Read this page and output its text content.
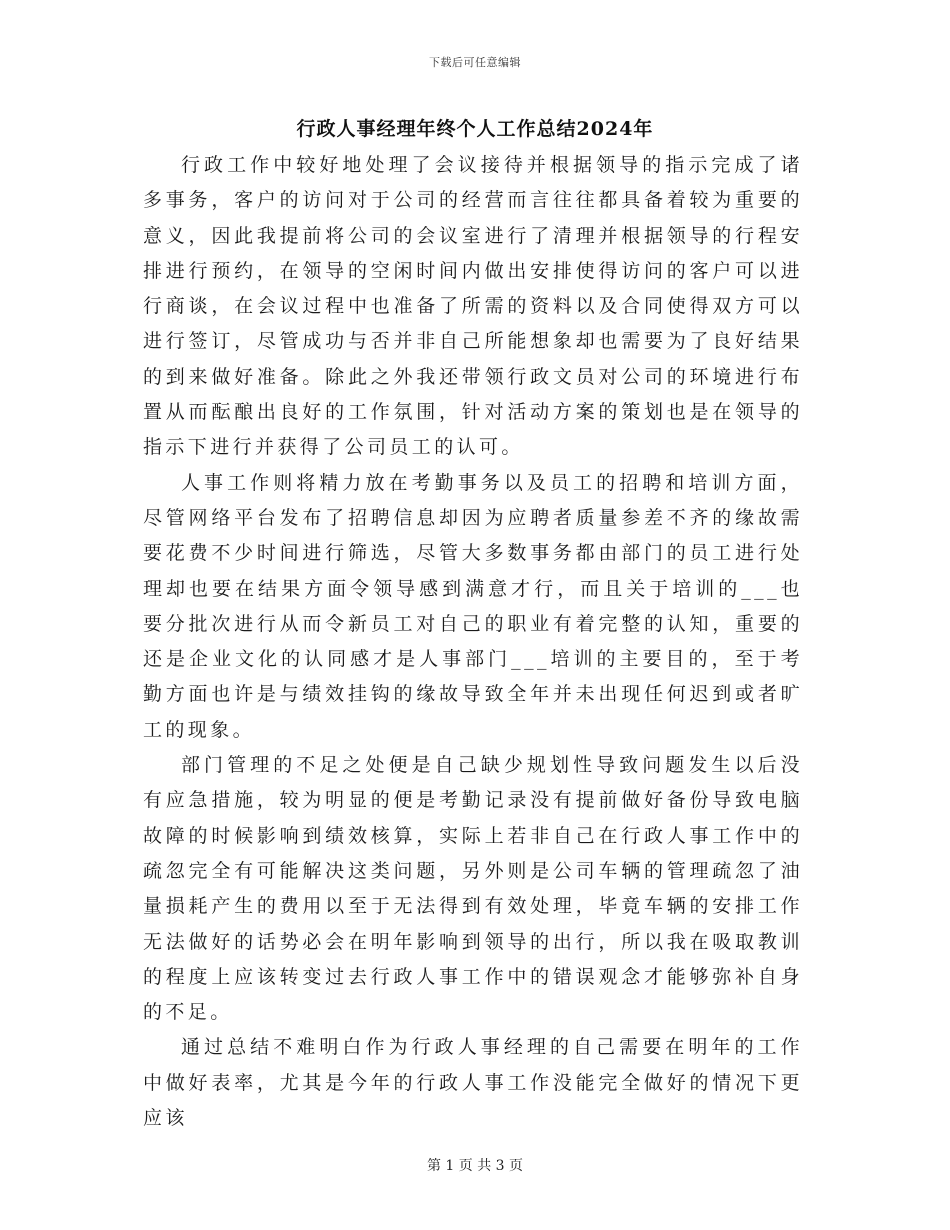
下载后可任意编辑
行政人事经理年终个人工作总结2024年

行政工作中较好地处理了会议接待并根据领导的指示完成了诸多事务，客户的访问对于公司的经营而言往往都具备着较为重要的意义，因此我提前将公司的会议室进行了清理并根据领导的行程安排进行预约，在领导的空闲时间内做出安排使得访问的客户可以进行商谈，在会议过程中也准备了所需的资料以及合同使得双方可以进行签订，尽管成功与否并非自己所能想象却也需要为了良好结果的到来做好准备。除此之外我还带领行政文员对公司的环境进行布置从而酝酿出良好的工作氛围，针对活动方案的策划也是在领导的指示下进行并获得了公司员工的认可。

人事工作则将精力放在考勤事务以及员工的招聘和培训方面，尽管网络平台发布了招聘信息却因为应聘者质量参差不齐的缘故需要花费不少时间进行筛选，尽管大多数事务都由部门的员工进行处理却也要在结果方面令领导感到满意才行，而且关于培训的___也要分批次进行从而令新员工对自己的职业有着完整的认知，重要的还是企业文化的认同感才是人事部门___培训的主要目的，至于考勤方面也许是与绩效挂钩的缘故导致全年并未出现任何迟到或者旷工的现象。

部门管理的不足之处便是自己缺少规划性导致问题发生以后没有应急措施，较为明显的便是考勤记录没有提前做好备份导致电脑故障的时候影响到绩效核算，实际上若非自己在行政人事工作中的疏忽完全有可能解决这类问题，另外则是公司车辆的管理疏忽了油量损耗产生的费用以至于无法得到有效处理，毕竟车辆的安排工作无法做好的话势必会在明年影响到领导的出行，所以我在吸取教训的程度上应该转变过去行政人事工作中的错误观念才能够弥补自身的不足。

通过总结不难明白作为行政人事经理的自己需要在明年的工作中做好表率，尤其是今年的行政人事工作没能完全做好的情况下更应该

第 1 页 共 3 页
